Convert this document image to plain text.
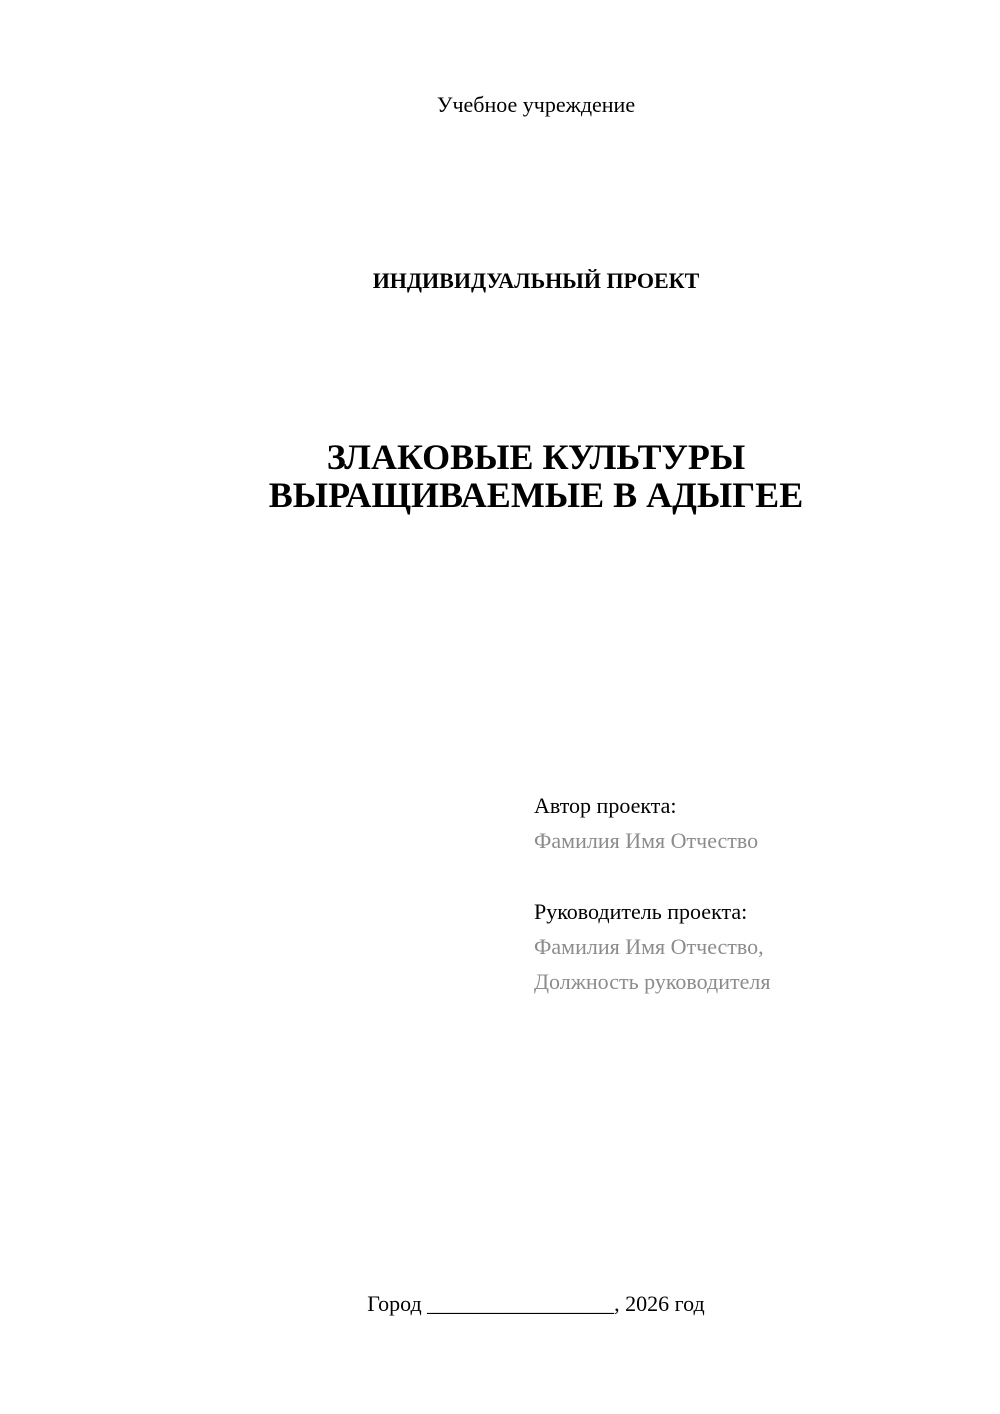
Учебное учреждение
ИНДИВИДУАЛЬНЫЙ ПРОЕКТ
ЗЛАКОВЫЕ КУЛЬТУРЫ
ВЫРАЩИВАЕМЫЕ В АДЫГЕЕ
Автор проекта:
Фамилия Имя Отчество
Руководитель проекта:
Фамилия Имя Отчество,
Должность руководителя
Город _________________, 2026 год
